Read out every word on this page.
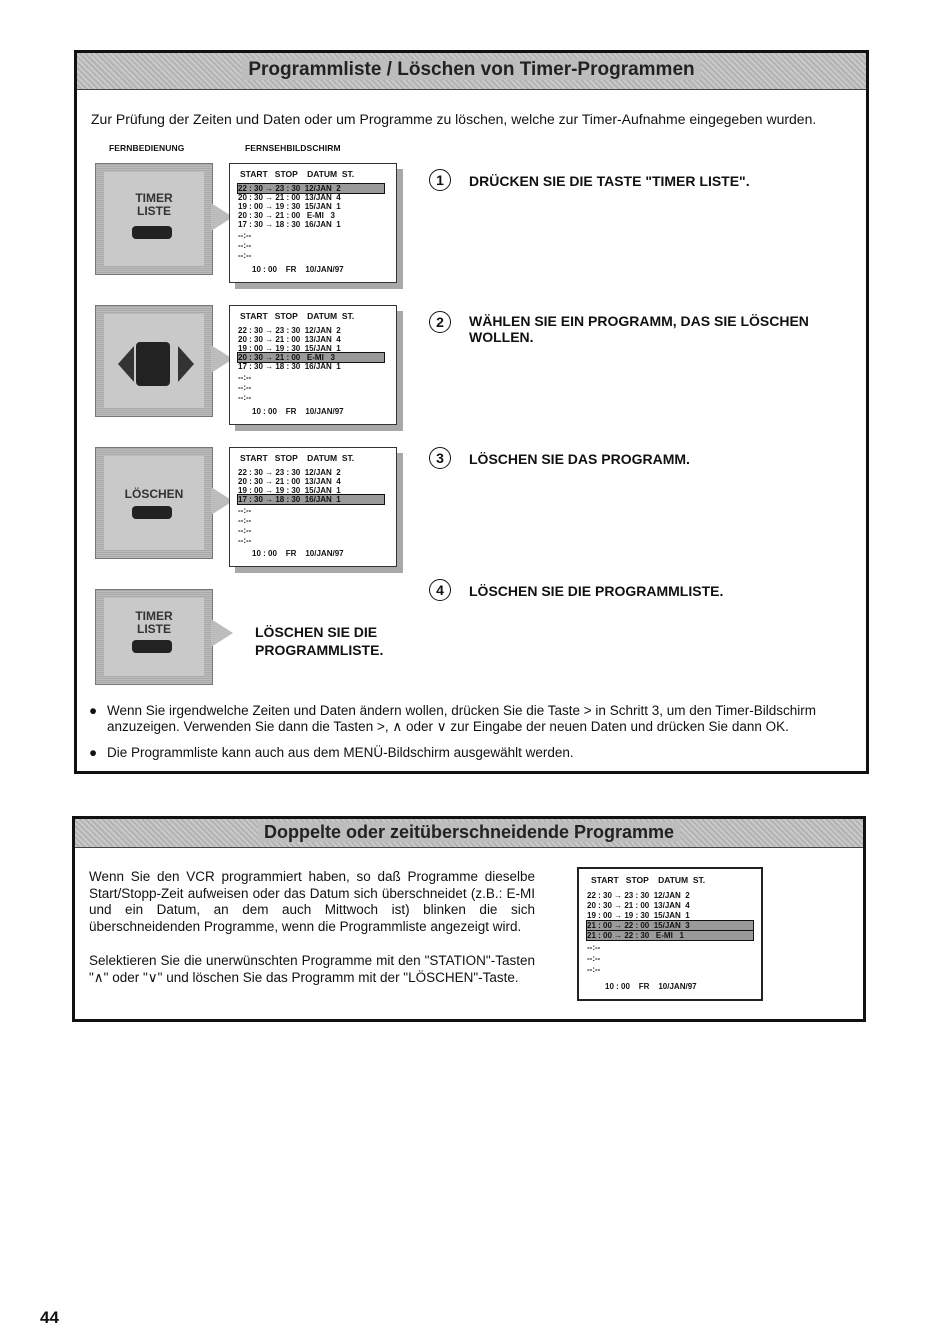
Programmliste / Löschen von Timer-Programmen
Zur Prüfung der Zeiten und Daten oder um Programme zu löschen, welche zur Timer-Aufnahme eingegeben wurden.
FERNBEDIENUNG	FERNSEHBILDSCHIRM
TIMER
LISTE
START   STOP    DATUM  ST.
22 : 30 → 23 : 30  12/JAN  2
20 : 30 → 21 : 00  13/JAN  4
19 : 00 → 19 : 30  15/JAN  1
20 : 30 → 21 : 00   E-MI   3
17 : 30 → 18 : 30  16/JAN  1
--:--
--:--
--:--
10 : 00    FR    10/JAN/97
1	DRÜCKEN SIE DIE TASTE "TIMER LISTE".
START   STOP    DATUM  ST.
22 : 30 → 23 : 30  12/JAN  2
20 : 30 → 21 : 00  13/JAN  4
19 : 00 → 19 : 30  15/JAN  1
20 : 30 → 21 : 00   E-MI   3
17 : 30 → 18 : 30  16/JAN  1
--:--
--:--
--:--
10 : 00    FR    10/JAN/97
2	WÄHLEN SIE EIN PROGRAMM, DAS SIE LÖSCHEN WOLLEN.
LÖSCHEN
START   STOP    DATUM  ST.
22 : 30 → 23 : 30  12/JAN  2
20 : 30 → 21 : 00  13/JAN  4
19 : 00 → 19 : 30  15/JAN  1
17 : 30 → 18 : 30  16/JAN  1
--:--
--:--
--:--
--:--
10 : 00    FR    10/JAN/97
3	LÖSCHEN SIE DAS PROGRAMM.
4	LÖSCHEN SIE DIE PROGRAMMLISTE.
TIMER
LISTE	LÖSCHEN SIE DIE PROGRAMMLISTE.
● Wenn Sie irgendwelche Zeiten und Daten ändern wollen, drücken Sie die Taste > in Schritt 3, um den Timer-Bildschirm anzuzeigen. Verwenden Sie dann die Tasten >, ∧ oder ∨ zur Eingabe der neuen Daten und drücken Sie dann OK.
● Die Programmliste kann auch aus dem MENÜ-Bildschirm ausgewählt werden.
Doppelte oder zeitüberschneidende Programme
Wenn Sie den VCR programmiert haben, so daß Programme dieselbe Start/Stopp-Zeit aufweisen oder das Datum sich überschneidet (z.B.: E-MI und ein Datum, an dem auch Mittwoch ist) blinken die sich überschneidenden Programme, wenn die Programmliste angezeigt wird.
Selektieren Sie die unerwünschten Programme mit den "STATION"-Tasten "∧" oder "∨" und löschen Sie das Programm mit der "LÖSCHEN"-Taste.
START   STOP    DATUM  ST.
22 : 30 → 23 : 30  12/JAN  2
20 : 30 → 21 : 00  13/JAN  4
19 : 00 → 19 : 30  15/JAN  1
21 : 00 → 22 : 00  15/JAN  3
21 : 00 → 22 : 30   E-MI   1
--:--
--:--
--:--
10 : 00    FR    10/JAN/97
44
